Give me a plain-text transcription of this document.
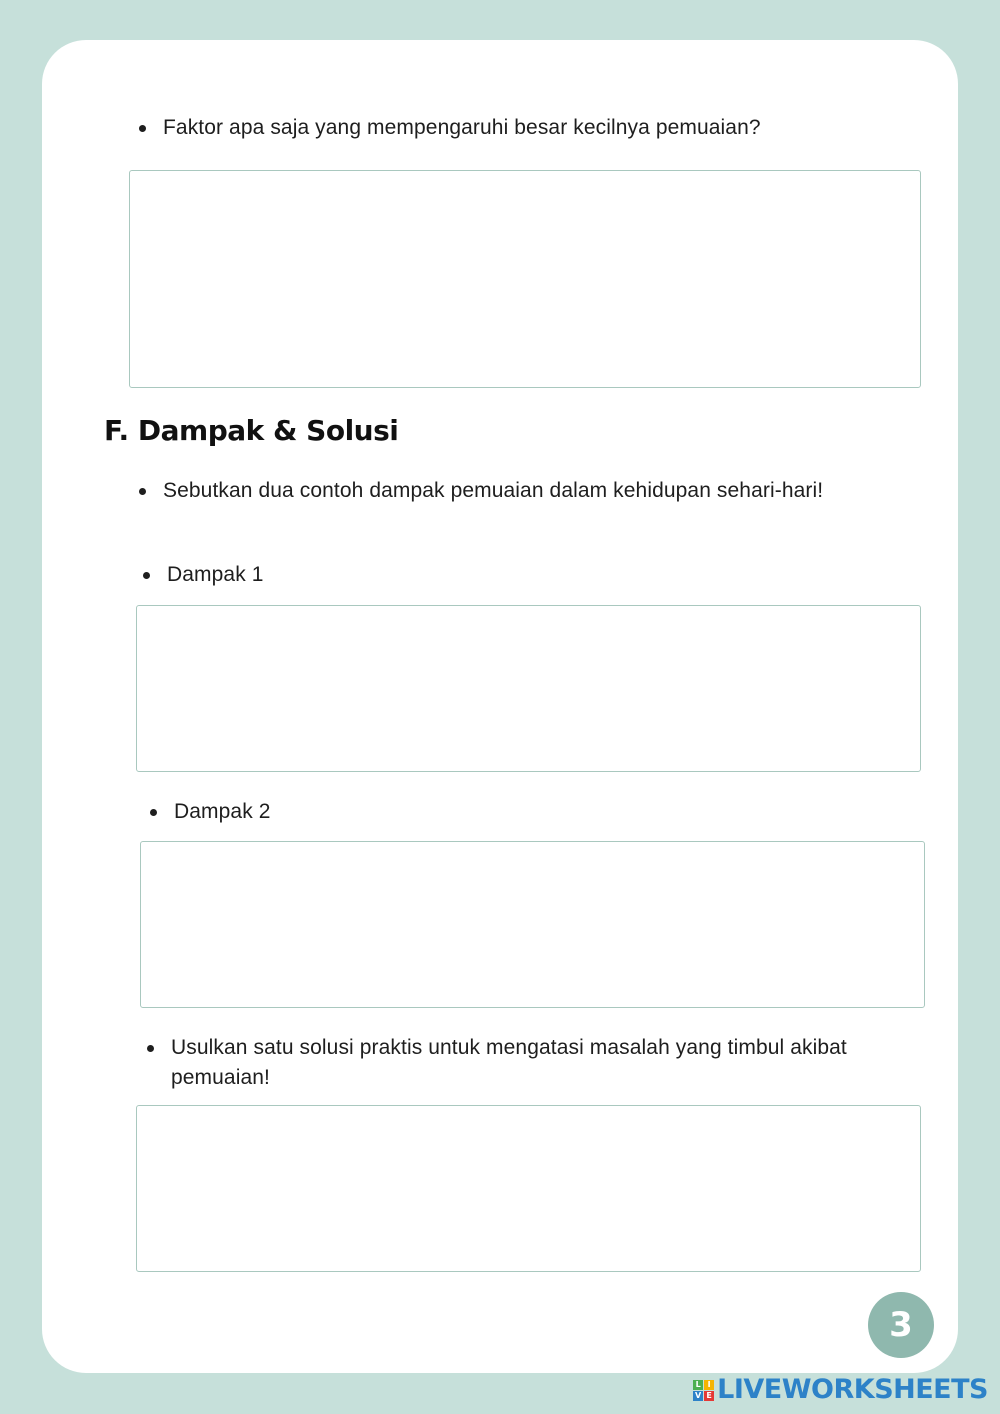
Faktor apa saja yang mempengaruhi besar kecilnya pemuaian?
F. Dampak & Solusi
Sebutkan dua contoh dampak pemuaian dalam kehidupan sehari-hari!
Dampak 1
Dampak 2
Usulkan satu solusi praktis untuk mengatasi masalah yang timbul akibat pemuaian!
3
L I
V E LIVEWORKSHEETS
